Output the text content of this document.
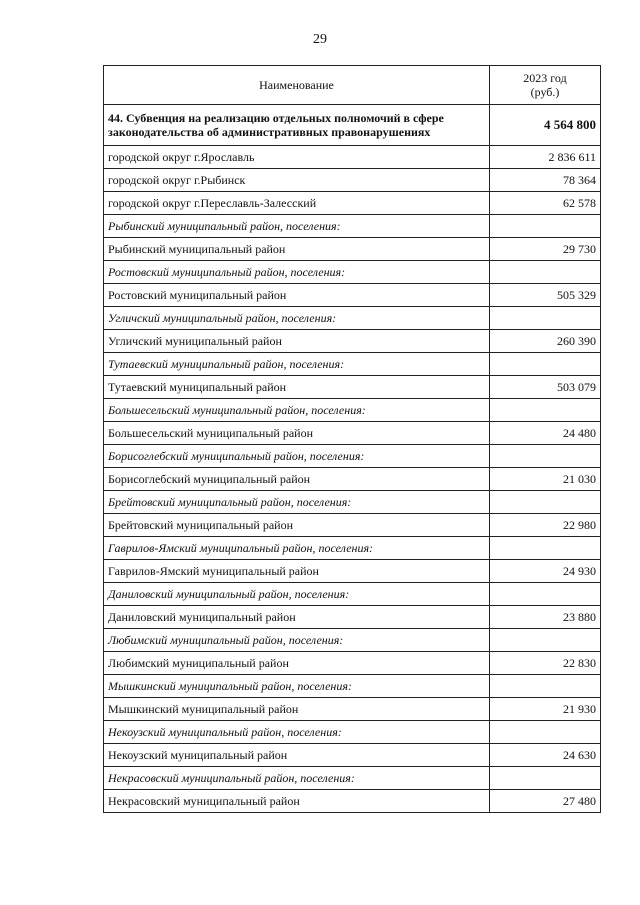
29
Наименование	2023 год
(руб.)

44. Субвенция на реализацию отдельных полномочий в сфере законодательства об административных правонарушениях	4 564 800
городской округ г.Ярославль	2 836 611
городской округ г.Рыбинск	78 364
городской округ г.Переславль-Залесский	62 578
Рыбинский муниципальный район, поселения:	
Рыбинский муниципальный район	29 730
Ростовский муниципальный район, поселения:	
Ростовский муниципальный район	505 329
Угличский муниципальный район, поселения:	
Угличский муниципальный район	260 390
Тутаевский муниципальный район, поселения:	
Тутаевский муниципальный район	503 079
Большесельский муниципальный район, поселения:	
Большесельский муниципальный район	24 480
Борисоглебский муниципальный район, поселения:	
Борисоглебский муниципальный район	21 030
Брейтовский муниципальный район, поселения:	
Брейтовский муниципальный район	22 980
Гаврилов-Ямский муниципальный район, поселения:	
Гаврилов-Ямский муниципальный район	24 930
Даниловский муниципальный район, поселения:	
Даниловский муниципальный район	23 880
Любимский муниципальный район, поселения:	
Любимский муниципальный район	22 830
Мышкинский муниципальный район, поселения:	
Мышкинский муниципальный район	21 930
Некоузский муниципальный район, поселения:	
Некоузский муниципальный район	24 630
Некрасовский муниципальный район, поселения:	
Некрасовский муниципальный район	27 480
